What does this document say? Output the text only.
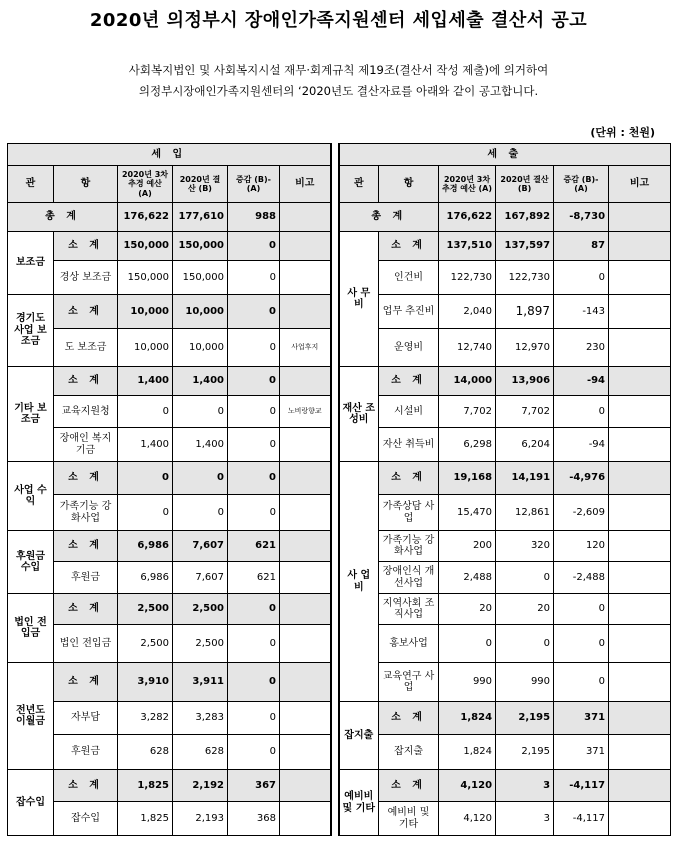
2020년 의정부시 장애인가족지원센터 세입세출 결산서 공고
사회복지법인 및 사회복지시설 재무·회계규칙 제19조(결산서 작성 제출)에 의거하여
의정부시장애인가족지원센터의 ‘2020년도 결산자료를 아래와 같이 공고합니다.
(단위 : 천원)
세 입							세 출					
관	항	2020년 3차 추경 예산 (A)	2020년 결산 (B)	증감 (B)-(A)	비고		관	항	2020년 3차 추경 예산 (A)	2020년 결산 (B)	증감 (B)-(A)	비고
총 계		176,622	177,610	988			총 계		176,622	167,892	-8,730	
보조금	소 계	150,000	150,000	0			사 무 비	소 계	137,510	137,597	87	
	경상 보조금	150,000	150,000	0				인건비	122,730	122,730	0	
경기도 사업 보조금	소 계	10,000	10,000	0				업무 추진비	2,040	1,897	-143	
	도 보조금	10,000	10,000	0	사업후지			운영비	12,740	12,970	230	
기타 보조금	소 계	1,400	1,400	0			재산 조성비	소 계	14,000	13,906	-94	
	교육지원청	0	0	0	노비랑향교			시설비	7,702	7,702	0	
	장애인 복지기금	1,400	1,400	0				자산 취득비	6,298	6,204	-94	
사업 수익	소 계	0	0	0			사 업 비	소 계	19,168	14,191	-4,976	
	가족기능 강화사업	0	0	0				가족상담 사업	15,470	12,861	-2,609	
후원금 수입	소 계	6,986	7,607	621				가족기능 강화사업	200	320	120	
	후원금	6,986	7,607	621				장애인식 개선사업	2,488	0	-2,488	
법인 전입금	소 계	2,500	2,500	0				지역사회 조직사업	20	20	0	
	법인 전입금	2,500	2,500	0				홍보사업	0	0	0	
전년도 이월금	소 계	3,910	3,911	0				교육연구 사업	990	990	0	
	자부담	3,282	3,283	0			잡지출	소 계	1,824	2,195	371	
	후원금	628	628	0				잡지출	1,824	2,195	371	
잡수입	소 계	1,825	2,192	367			예비비 및 기타	소 계	4,120	3	-4,117	
	잡수입	1,825	2,193	368				예비비 및 기타	4,120	3	-4,117	
